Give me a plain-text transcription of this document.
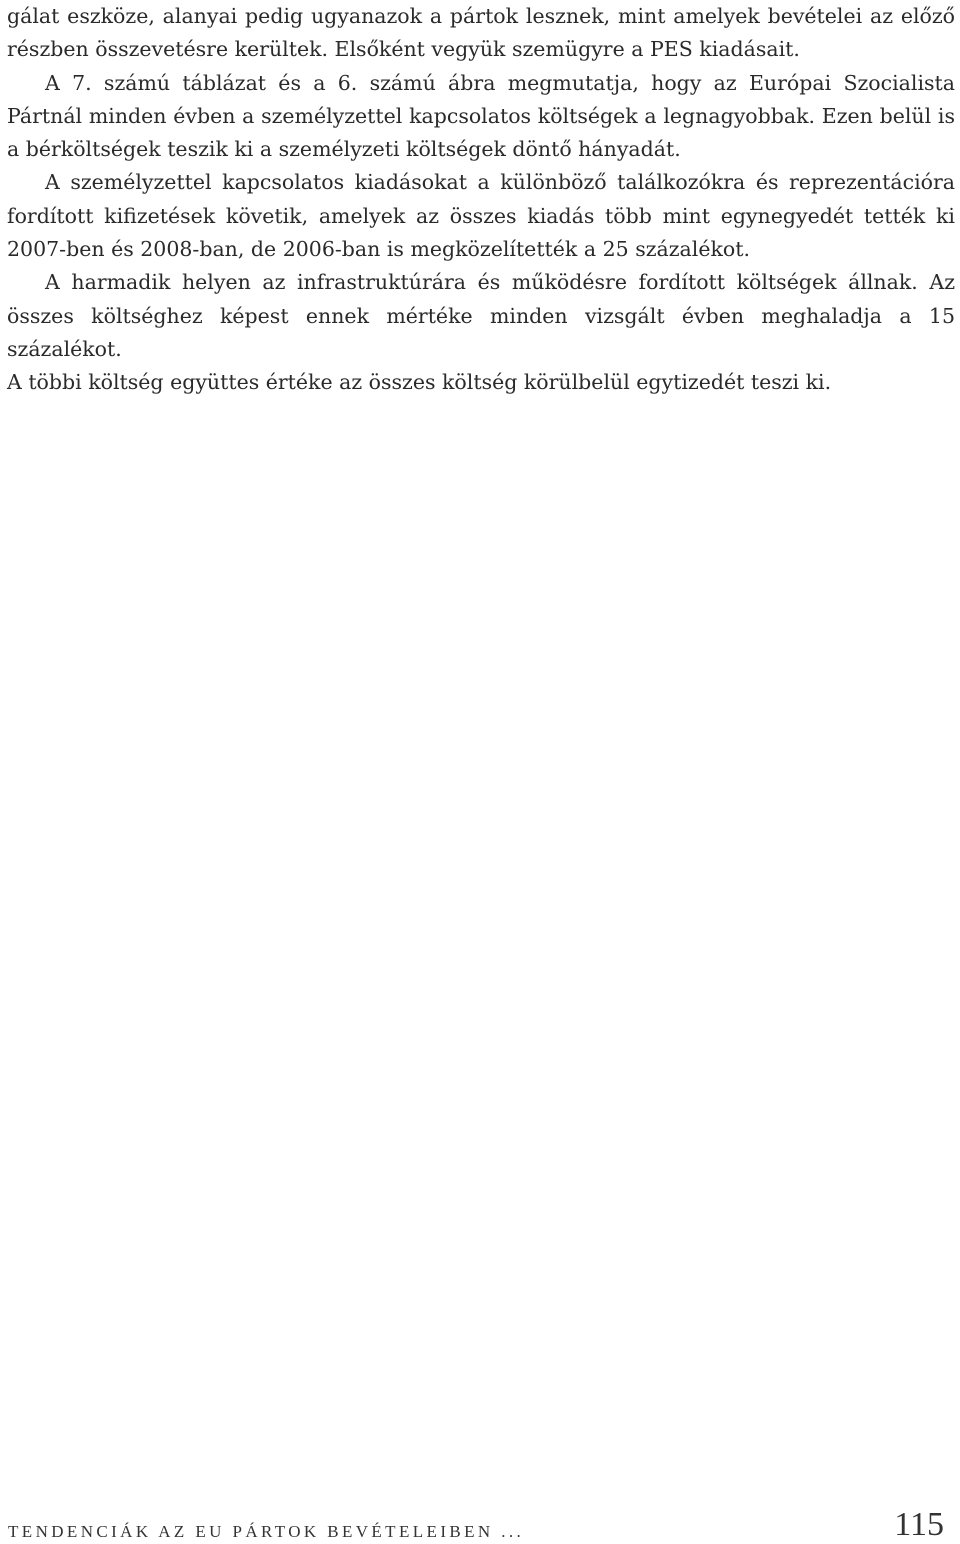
gálat eszköze, alanyai pedig ugyanazok a pártok lesznek, mint amelyek bevételei az előző részben összevetésre kerültek. Elsőként vegyük szemügyre a PES kiadásait.

A 7. számú táblázat és a 6. számú ábra megmutatja, hogy az Európai Szocialista Pártnál minden évben a személyzettel kapcsolatos költségek a legnagyobbak. Ezen belül is a bérköltségek teszik ki a személyzeti költségek döntő hányadát.

A személyzettel kapcsolatos kiadásokat a különböző találkozókra és reprezentációra fordított kifizetések követik, amelyek az összes kiadás több mint egynegyedét tették ki 2007-ben és 2008-ban, de 2006-ban is megközelítették a 25 százalékot.

A harmadik helyen az infrastruktúrára és működésre fordított költségek állnak. Az összes költséghez képest ennek mértéke minden vizsgált évben meghaladja a 15 százalékot.

A többi költség együttes értéke az összes költség körülbelül egytizedét teszi ki.

TENDENCIÁK AZ EU PÁRTOK BEVÉTELEIBEN ...	115
